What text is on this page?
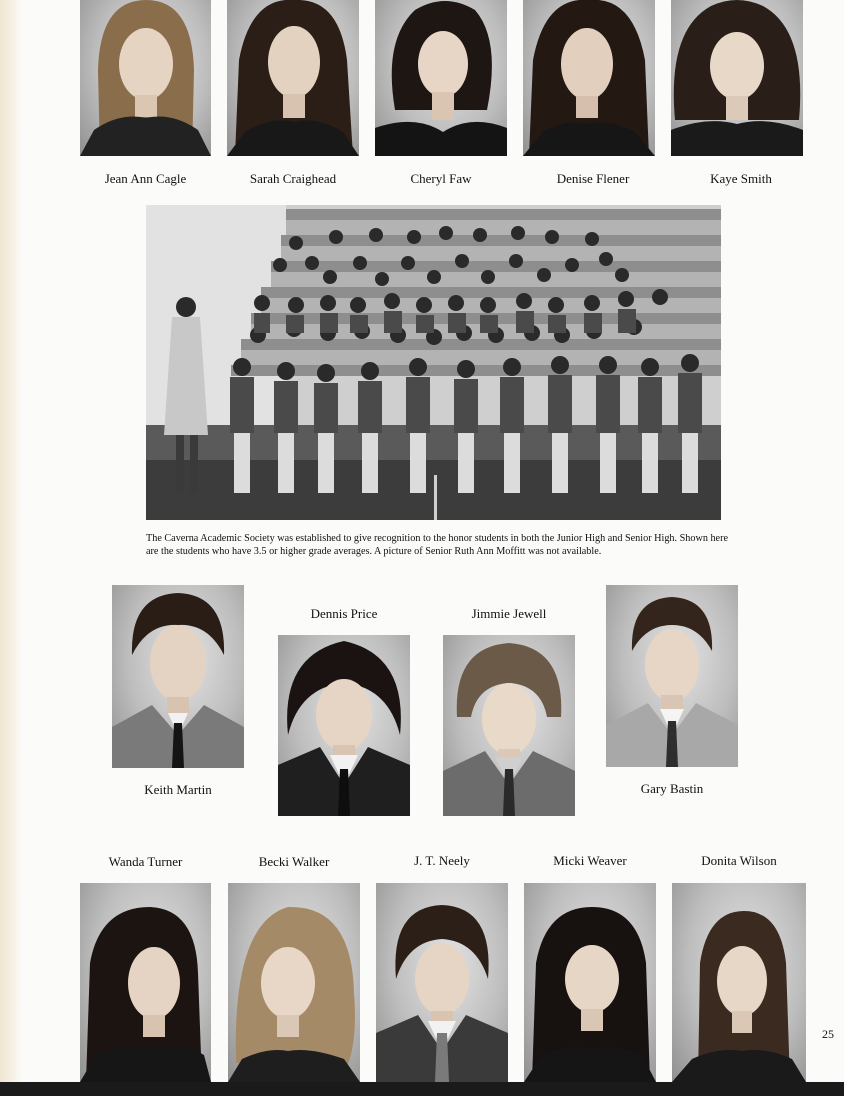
Jean Ann Cagle	Sarah Craighead	Cheryl Faw	Denise Flener	Kaye Smith
The Caverna Academic Society was established to give recognition to the honor students in both the Junior High and Senior High. Shown here are the students who have 3.5 or higher grade averages. A picture of Senior Ruth Ann Moffitt was not available.
Keith Martin
Dennis Price	Jimmie Jewell
Gary Bastin
Wanda Turner	Becki Walker	J. T. Neely	Micki Weaver	Donita Wilson
25
